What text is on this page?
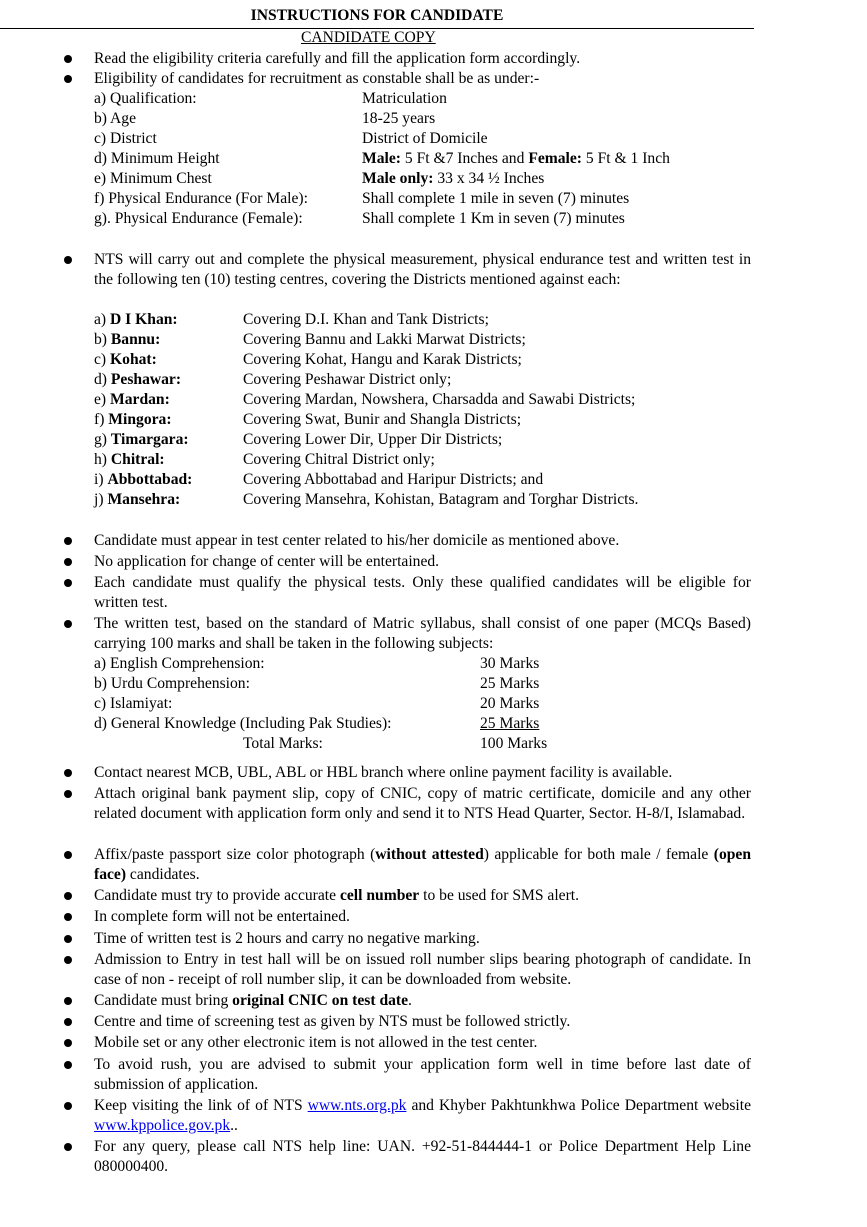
INSTRUCTIONS FOR CANDIDATE
CANDIDATE COPY
Read the eligibility criteria carefully and fill the application form accordingly.
Eligibility of candidates for recruitment as constable shall be as under:-
a) Qualification:	Matriculation
b) Age	18-25 years
c) District	District of Domicile
d) Minimum Height	Male: 5 Ft &7 Inches and Female: 5 Ft & 1 Inch
e) Minimum Chest	Male only: 33 x 34 ½ Inches
f) Physical Endurance (For Male):	Shall complete 1 mile in seven (7) minutes
g). Physical Endurance (Female):	Shall complete 1 Km in seven (7) minutes
NTS will carry out and complete the physical measurement, physical endurance test and written test in the following ten (10) testing centres, covering the Districts mentioned against each:
a) D I Khan:	Covering D.I. Khan and Tank Districts;
b) Bannu:	Covering Bannu and Lakki Marwat Districts;
c) Kohat:	Covering Kohat, Hangu and Karak Districts;
d) Peshawar:	Covering Peshawar District only;
e) Mardan:	Covering Mardan, Nowshera, Charsadda and Sawabi Districts;
f) Mingora:	Covering Swat, Bunir and Shangla Districts;
g) Timargara:	Covering Lower Dir, Upper Dir Districts;
h) Chitral:	Covering Chitral District only;
i) Abbottabad:	Covering Abbottabad and Haripur Districts; and
j) Mansehra:	Covering Mansehra, Kohistan, Batagram and Torghar Districts.
Candidate must appear in test center related to his/her domicile as mentioned above.
No application for change of center will be entertained.
Each candidate must qualify the physical tests. Only these qualified candidates will be eligible for written test.
The written test, based on the standard of Matric syllabus, shall consist of one paper (MCQs Based) carrying 100 marks and shall be taken in the following subjects:
a) English Comprehension:	30 Marks
b) Urdu Comprehension:	25 Marks
c) Islamiyat:	20 Marks
d) General Knowledge (Including Pak Studies):	25 Marks
Total Marks:	100 Marks
Contact nearest MCB, UBL, ABL or HBL branch where online payment facility is available.
Attach original bank payment slip, copy of CNIC, copy of matric certificate, domicile and any other related document with application form only and send it to NTS Head Quarter, Sector. H-8/I, Islamabad.
Affix/paste passport size color photograph (without attested) applicable for both male / female (open face) candidates.
Candidate must try to provide accurate cell number to be used for SMS alert.
In complete form will not be entertained.
Time of written test is 2 hours and carry no negative marking.
Admission to Entry in test hall will be on issued roll number slips bearing photograph of candidate. In case of non - receipt of roll number slip, it can be downloaded from website.
Candidate must bring original CNIC on test date.
Centre and time of screening test as given by NTS must be followed strictly.
Mobile set or any other electronic item is not allowed in the test center.
To avoid rush, you are advised to submit your application form well in time before last date of submission of application.
Keep visiting the link of of NTS www.nts.org.pk and Khyber Pakhtunkhwa Police Department website www.kppolice.gov.pk..
For any query, please call NTS help line: UAN. +92-51-844444-1 or Police Department Help Line 080000400.
